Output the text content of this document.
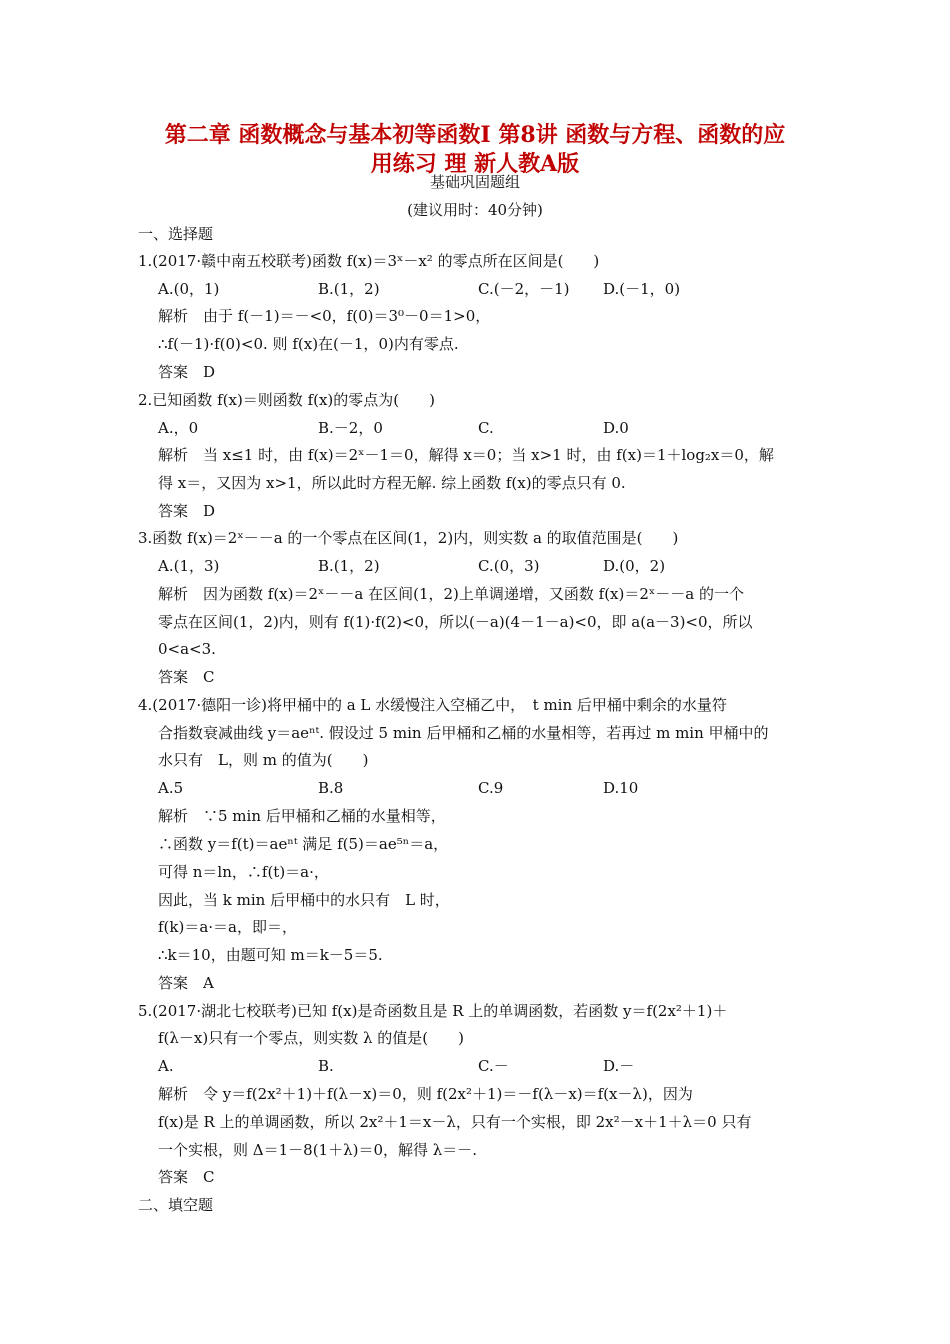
第二章 函数概念与基本初等函数Ⅰ 第8讲 函数与方程、函数的应
用练习 理 新人教A版
基础巩固题组
(建议用时：40分钟)
一、选择题
1.(2017·赣中南五校联考)函数 f(x)＝3ˣ－x² 的零点所在区间是(　　)
A.(0，1)	B.(1，2)	C.(－2，－1) D.(－1，0)
解析　由于 f(－1)＝－<0，f(0)＝3⁰－0＝1>0，
∴f(－1)·f(0)<0. 则 f(x)在(－1，0)内有零点.
答案　D
2.已知函数 f(x)＝则函数 f(x)的零点为(　　)
A.，0	B.－2，0	C.	D.0
解析　当 x≤1 时，由 f(x)＝2ˣ－1＝0，解得 x＝0；当 x>1 时，由 f(x)＝1＋log₂x＝0，解
得 x＝，又因为 x>1，所以此时方程无解. 综上函数 f(x)的零点只有 0.
答案　D
3.函数 f(x)＝2ˣ－－a 的一个零点在区间(1，2)内，则实数 a 的取值范围是(　　)
A.(1，3)	B.(1，2)	C.(0，3)	D.(0，2)
解析　因为函数 f(x)＝2ˣ－－a 在区间(1，2)上单调递增，又函数 f(x)＝2ˣ－－a 的一个
零点在区间(1，2)内，则有 f(1)·f(2)<0，所以(－a)(4－1－a)<0，即 a(a－3)<0，所以
0<a<3.
答案　C
4.(2017·德阳一诊)将甲桶中的 a L 水缓慢注入空桶乙中，　t min 后甲桶中剩余的水量符
合指数衰减曲线 y＝aeⁿᵗ. 假设过 5 min 后甲桶和乙桶的水量相等，若再过 m min 甲桶中的
水只有　L，则 m 的值为(　　)
A.5	B.8	C.9	D.10
解析　∵5 min 后甲桶和乙桶的水量相等，
∴函数 y＝f(t)＝aeⁿᵗ 满足 f(5)＝ae⁵ⁿ＝a，
可得 n＝ln，∴f(t)＝a·，
因此，当 k min 后甲桶中的水只有　L 时，
f(k)＝a·＝a，即＝，
∴k＝10，由题可知 m＝k－5＝5.
答案　A
5.(2017·湖北七校联考)已知 f(x)是奇函数且是 R 上的单调函数，若函数 y＝f(2x²＋1)＋
f(λ－x)只有一个零点，则实数 λ 的值是(　　)
A.	B.	C.－	D.－
解析　令 y＝f(2x²＋1)＋f(λ－x)＝0，则 f(2x²＋1)＝－f(λ－x)＝f(x－λ)，因为
f(x)是 R 上的单调函数，所以 2x²＋1＝x－λ，只有一个实根，即 2x²－x＋1＋λ＝0 只有
一个实根，则 Δ＝1－8(1＋λ)＝0，解得 λ＝－.
答案　C
二、填空题
